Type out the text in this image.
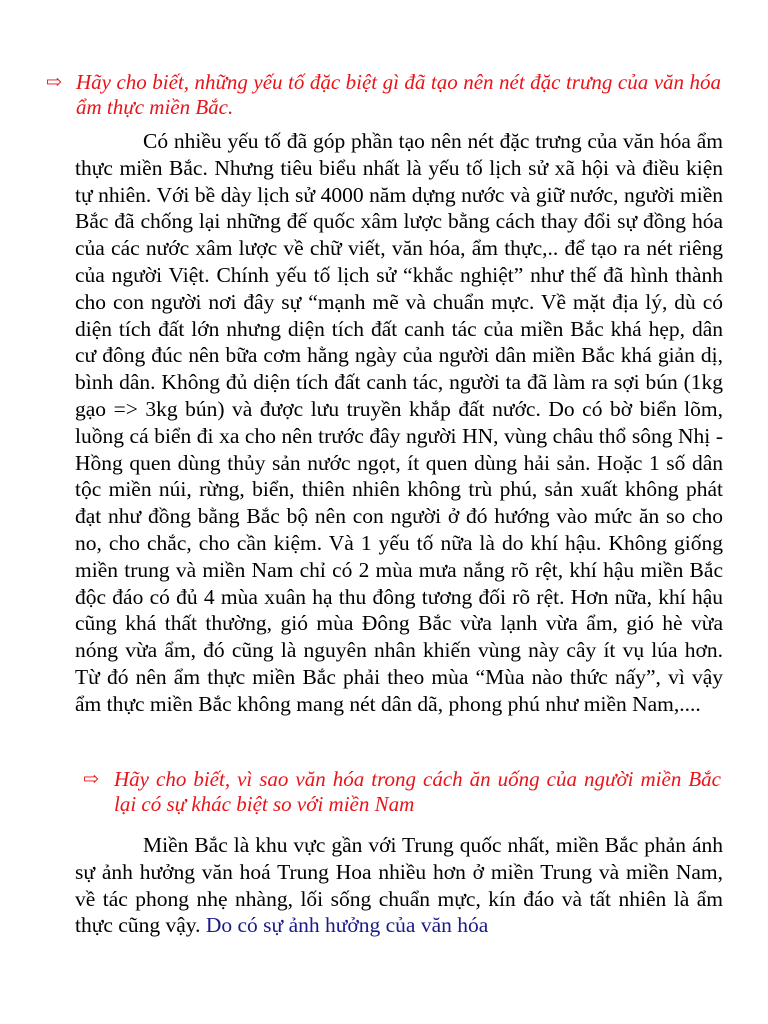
⇨ Hãy cho biết, những yếu tố đặc biệt gì đã tạo nên nét đặc trưng của văn hóa ẩm thực miền Bắc.
Có nhiều yếu tố đã góp phần tạo nên nét đặc trưng của văn hóa ẩm thực miền Bắc. Nhưng tiêu biểu nhất là yếu tố lịch sử xã hội và điều kiện tự nhiên. Với bề dày lịch sử 4000 năm dựng nước và giữ nước, người miền Bắc đã chống lại những đế quốc xâm lược bằng cách thay đổi sự đồng hóa của các nước xâm lược về chữ viết, văn hóa, ẩm thực,.. để tạo ra nét riêng của người Việt. Chính yếu tố lịch sử “khắc nghiệt” như thế đã hình thành cho con người nơi đây sự “mạnh mẽ và chuẩn mực. Về mặt địa lý, dù có diện tích đất lớn nhưng diện tích đất canh tác của miền Bắc khá hẹp, dân cư đông đúc nên bữa cơm hằng ngày của người dân miền Bắc khá giản dị, bình dân. Không đủ diện tích đất canh tác, người ta đã làm ra sợi bún (1kg gạo => 3kg bún) và được lưu truyền khắp đất nước. Do có bờ biển lõm, luồng cá biển đi xa cho nên trước đây người HN, vùng châu thổ sông Nhị - Hồng quen dùng thủy sản nước ngọt, ít quen dùng hải sản. Hoặc 1 số dân tộc miền núi, rừng, biển, thiên nhiên không trù phú, sản xuất không phát đạt như đồng bằng Bắc bộ nên con người ở đó hướng vào mức ăn so cho no, cho chắc, cho cần kiệm. Và 1 yếu tố nữa là do khí hậu. Không giống miền trung và miền Nam chỉ có 2 mùa mưa nắng rõ rệt, khí hậu miền Bắc độc đáo có đủ 4 mùa xuân hạ thu đông tương đối rõ rệt. Hơn nữa, khí hậu cũng khá thất thường, gió mùa Đông Bắc vừa lạnh vừa ẩm, gió hè vừa nóng vừa ẩm, đó cũng là nguyên nhân khiến vùng này cây ít vụ lúa hơn. Từ đó nên ẩm thực miền Bắc phải theo mùa “Mùa nào thức nấy”, vì vậy ẩm thực miền Bắc không mang nét dân dã, phong phú như miền Nam,....
⇨ Hãy cho biết, vì sao văn hóa trong cách ăn uống của người miền Bắc lại có sự khác biệt so với miền Nam
Miền Bắc là khu vực gần với Trung quốc nhất, miền Bắc phản ánh sự ảnh hưởng văn hoá Trung Hoa nhiều hơn ở miền Trung và miền Nam, về tác phong nhẹ nhàng, lối sống chuẩn mực, kín đáo và tất nhiên là ẩm thực cũng vậy. Do có sự ảnh hưởng của văn hóa
